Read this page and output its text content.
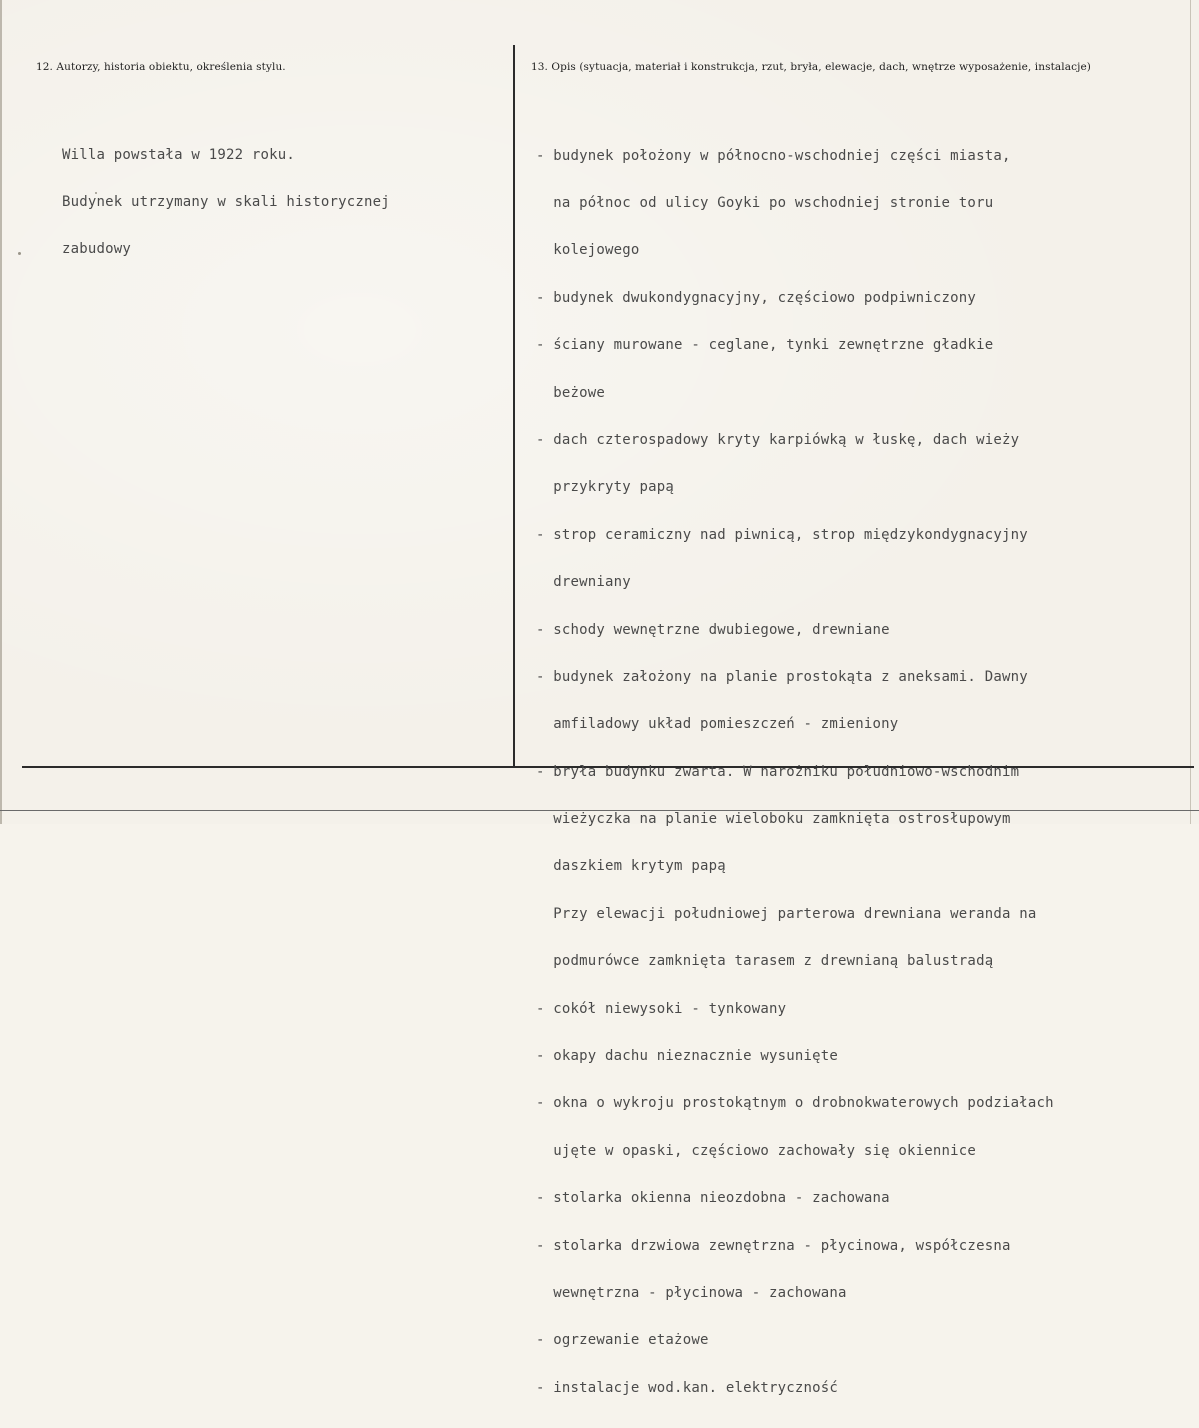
12. Autorzy, historia obiektu, określenia stylu.	13. Opis (sytuacja, materiał i konstrukcja, rzut, bryła, elewacje, dach, wnętrze wyposażenie, instalacje)

Willa powstała w 1922 roku.

Budynek utrzymany w skali historycznej

zabudowy

- budynek położony w północno-wschodniej części miasta,

na północ od ulicy Goyki po wschodniej stronie toru

kolejowego

- budynek dwukondygnacyjny, częściowo podpiwniczony

- ściany murowane - ceglane, tynki zewnętrzne gładkie

beżowe

- dach czterospadowy kryty karpiówką w łuskę, dach wieży

przykryty papą

- strop ceramiczny nad piwnicą, strop międzykondygnacyjny

drewniany

- schody wewnętrzne dwubiegowe, drewniane

- budynek założony na planie prostokąta z aneksami. Dawny

amfiladowy układ pomieszczeń - zmieniony

- bryła budynku zwarta. W narożniku południowo-wschodnim

wieżyczka na planie wieloboku zamknięta ostrosłupowym

daszkiem krytym papą

Przy elewacji południowej parterowa drewniana weranda na

podmurówce zamknięta tarasem z drewnianą balustradą

- cokół niewysoki - tynkowany

- okapy dachu nieznacznie wysunięte

- okna o wykroju prostokątnym o drobnokwaterowych podziałach

ujęte w opaski, częściowo zachowały się okiennice

- stolarka okienna nieozdobna - zachowana

- stolarka drzwiowa zewnętrzna - płycinowa, współczesna

wewnętrzna - płycinowa - zachowana

- ogrzewanie etażowe

- instalacje wod.kan. elektryczność
